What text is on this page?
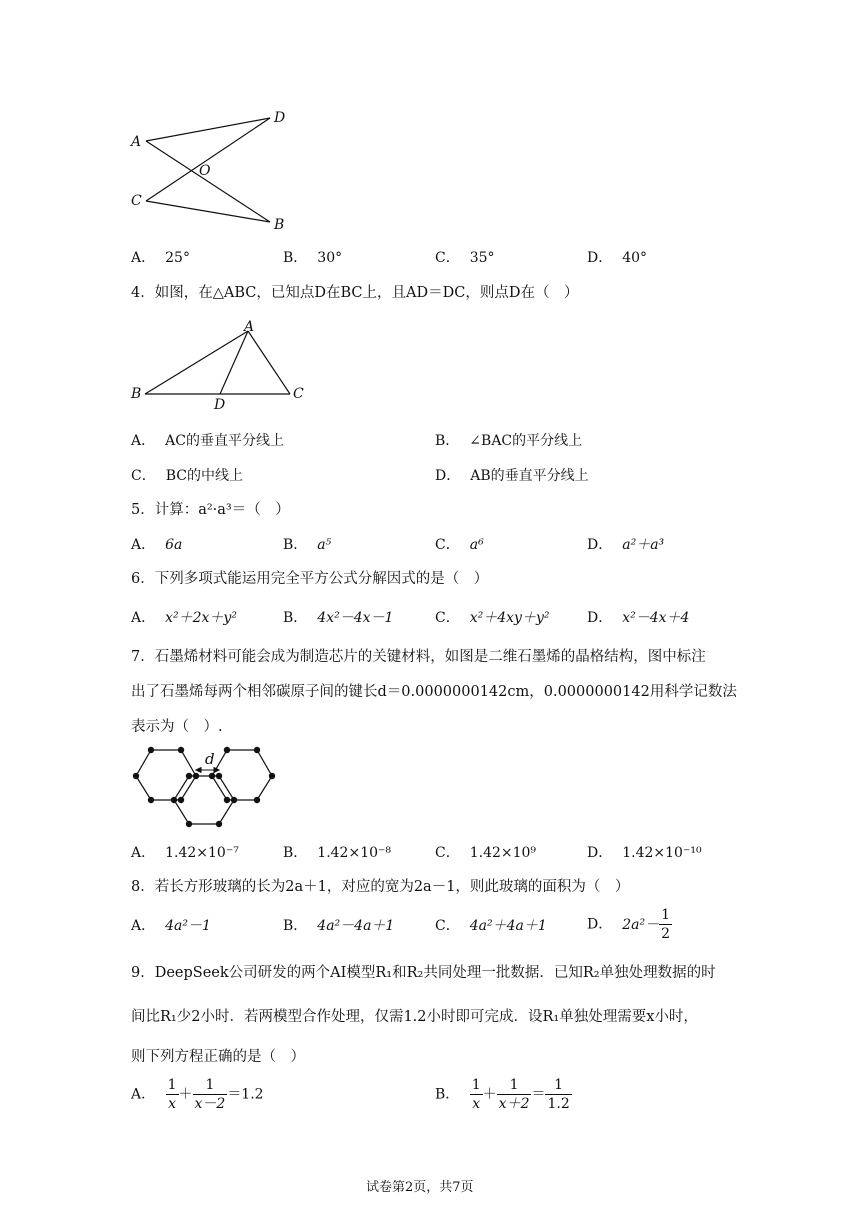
A
D
O
C
B
A． 25°	B． 30°	C． 35°	D． 40°
4．如图，在△ABC，已知点D在BC上，且AD＝DC，则点D在（　）
A
B
D
C
A． AC的垂直平分线上	B． ∠BAC的平分线上
C． BC的中线上	D． AB的垂直平分线上
5．计算：a²·a³＝（　）
A． 6a	B． a⁵	C． a⁶	D． a²＋a³
6．下列多项式能运用完全平方公式分解因式的是（　）
A． x²＋2x＋y²	B． 4x²－4x－1	C． x²＋4xy＋y²	D． x²－4x＋4
7．石墨烯材料可能会成为制造芯片的关键材料，如图是二维石墨烯的晶格结构，图中标注
出了石墨烯每两个相邻碳原子间的键长d＝0.0000000142cm，0.0000000142用科学记数法
表示为（　）.
d
A． 1.42×10⁻⁷	B． 1.42×10⁻⁸	C． 1.42×10⁹	D． 1.42×10⁻¹⁰
8．若长方形玻璃的长为2a＋1，对应的宽为2a－1，则此玻璃的面积为（　）
A． 4a²－1	B． 4a²－4a＋1	C． 4a²＋4a＋1	D． $2a^2- \frac{1}{2}$
9．DeepSeek公司研发的两个AI模型R₁和R₂共同处理一批数据．已知R₂单独处理数据的时
间比R₁少2小时．若两模型合作处理，仅需1.2小时即可完成．设R₁单独处理需要x小时，
则下列方程正确的是（　）
A． $\frac{1}{x} + \frac{1}{x-2} =1.2$	B． $\frac{1}{x} + \frac{1}{x+2} = \frac{1}{1.2}$
试卷第2页，共7页
